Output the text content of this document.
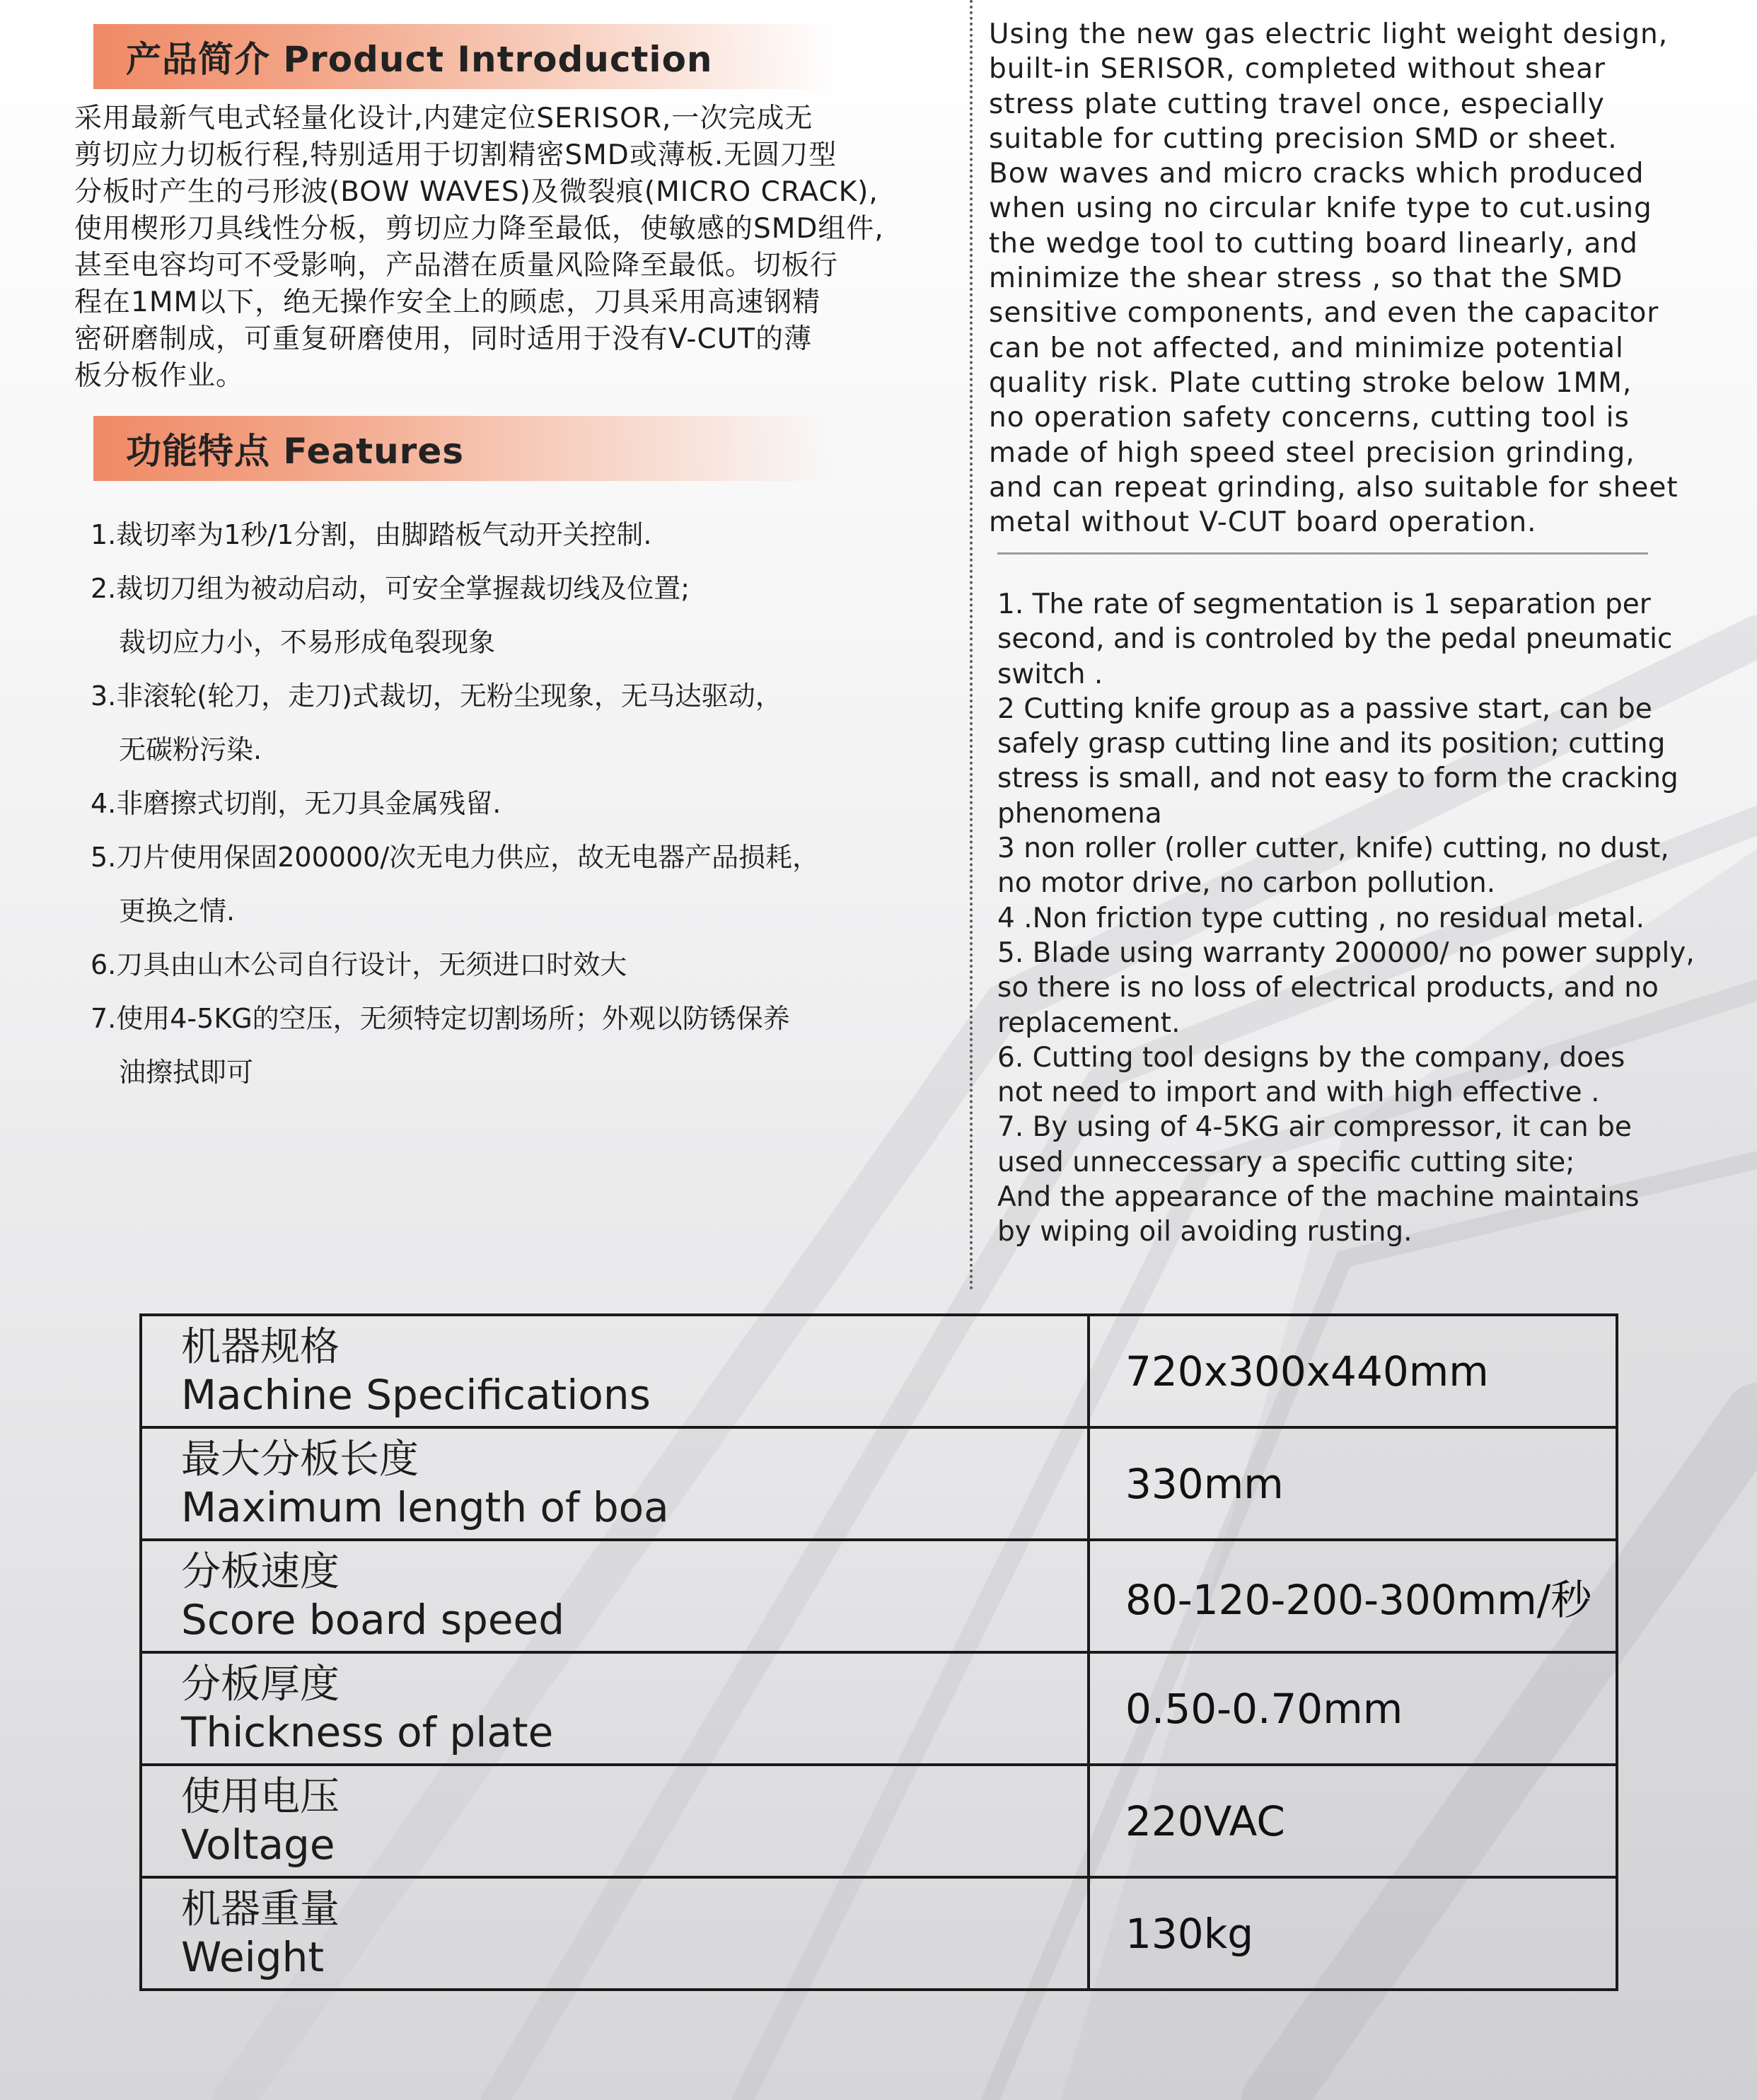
产品简介 Product Introduction
采用最新气电式轻量化设计,内建定位SERISOR,一次完成无
剪切应力切板行程,特别适用于切割精密SMD或薄板.无圆刀型
分板时产生的弓形波(BOW WAVES)及微裂痕(MICRO CRACK),
使用楔形刀具线性分板，剪切应力降至最低，使敏感的SMD组件,
甚至电容均可不受影响，产品潜在质量风险降至最低。切板行
程在1MM以下，绝无操作安全上的顾虑，刀具采用高速钢精
密研磨制成，可重复研磨使用，同时适用于没有V-CUT的薄
板分板作业。
功能特点 Features
1.裁切率为1秒/1分割，由脚踏板气动开关控制.
2.裁切刀组为被动启动，可安全掌握裁切线及位置;
裁切应力小，不易形成龟裂现象
3.非滚轮(轮刀，走刀)式裁切，无粉尘现象，无马达驱动，
无碳粉污染.
4.非磨擦式切削，无刀具金属残留.
5.刀片使用保固200000/次无电力供应，故无电器产品损耗，
更换之情.
6.刀具由山木公司自行设计，无须进口时效大
7.使用4-5KG的空压，无须特定切割场所；外观以防锈保养
油擦拭即可
Using the new gas electric light weight design,
built-in SERISOR, completed without shear
stress plate cutting travel once, especially
suitable for cutting precision SMD or sheet.
Bow waves and micro cracks which produced
when using no circular knife type to cut.using
the wedge tool to cutting board linearly, and
minimize the shear stress , so that the SMD
sensitive components, and even the capacitor
can be not affected, and minimize potential
quality risk. Plate cutting stroke below 1MM,
no operation safety concerns, cutting tool is
made of high speed steel precision grinding,
and can repeat grinding, also suitable for sheet
metal without V-CUT board operation.
1. The rate of segmentation is 1 separation per
second, and is controled by the pedal pneumatic
switch .
2 Cutting knife group as a passive start, can be
safely grasp cutting line and its position; cutting
stress is small, and not easy to form the cracking
phenomena
3 non roller (roller cutter, knife) cutting, no dust,
no motor drive, no carbon pollution.
4 .Non friction type cutting , no residual metal.
5. Blade using warranty 200000/ no power supply,
so there is no loss of electrical products, and no
replacement.
6. Cutting tool designs by the company, does
not need to import and with high effective .
7. By using of 4-5KG air compressor, it can be
used unneccessary a specific cutting site;
And the appearance of the machine maintains
by wiping oil avoiding rusting.
机器规格
Machine Specifications	720x300x440mm

最大分板长度
Maximum length of boa	330mm

分板速度
Score board speed	80-120-200-300mm/秒

分板厚度
Thickness of plate	0.50-0.70mm

使用电压
Voltage	220VAC

机器重量
Weight	130kg
